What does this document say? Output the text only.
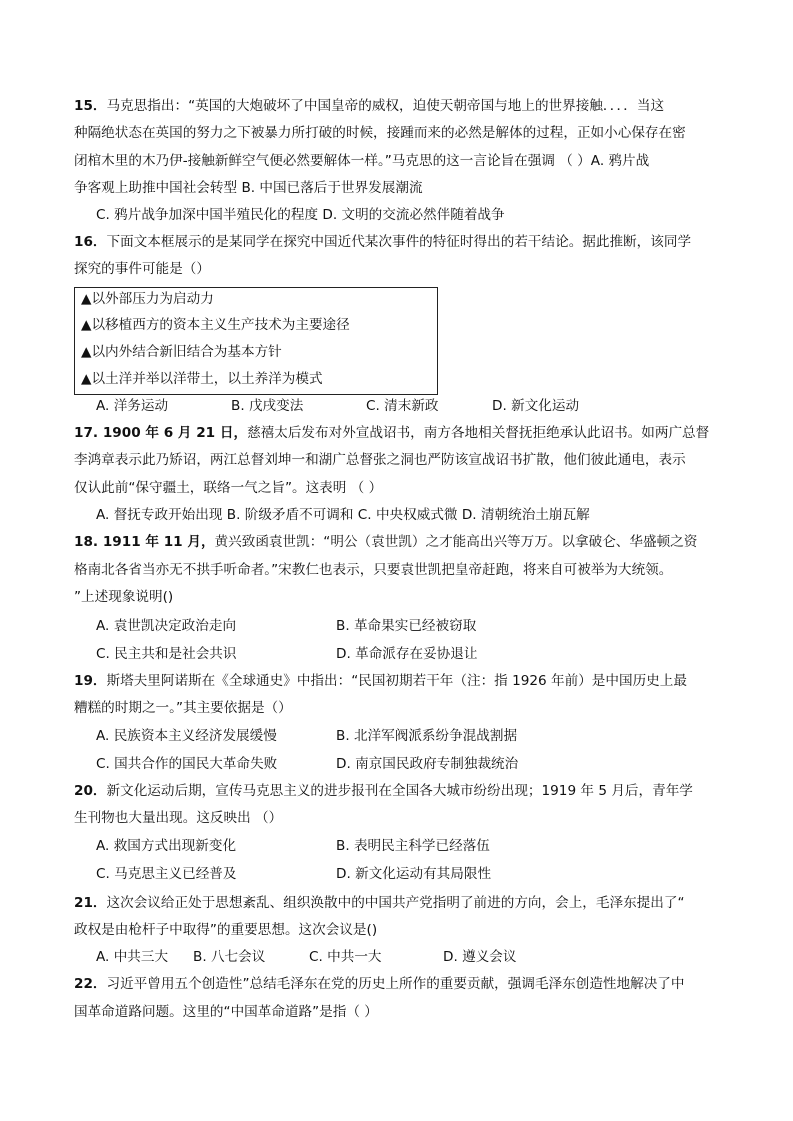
15．马克思指出：“英国的大炮破坏了中国皇帝的威权，迫使天朝帝国与地上的世界接触．．．．当这
种隔绝状态在英国的努力之下被暴力所打破的时候，接踵而来的必然是解体的过程，正如小心保存在密
闭棺木里的木乃伊-接触新鲜空气便必然要解体一样。”马克思的这一言论旨在强调 （ ）A. 鸦片战
争客观上助推中国社会转型 B. 中国已落后于世界发展潮流
C. 鸦片战争加深中国半殖民化的程度 D. 文明的交流必然伴随着战争
16．下面文本框展示的是某同学在探究中国近代某次事件的特征时得出的若干结论。据此推断，该同学
探究的事件可能是（）
▲以外部压力为启动力
▲以移植西方的资本主义生产技术为主要途径
▲以内外结合新旧结合为基本方针
▲以土洋并举以洋带土，以土养洋为模式
A. 洋务运动	B. 戊戌变法	C. 清末新政	D. 新文化运动
17. 1900 年 6 月 21 日，慈禧太后发布对外宣战诏书，南方各地相关督抚拒绝承认此诏书。如两广总督
李鸿章表示此乃矫诏，两江总督刘坤一和湖广总督张之洞也严防该宣战诏书扩散，他们彼此通电，表示
仅认此前“保守疆土，联络一气之旨”。这表明 （ ）
A. 督抚专政开始出现 B. 阶级矛盾不可调和 C. 中央权威式微 D. 清朝统治土崩瓦解
18. 1911 年 11 月，黄兴致函袁世凯：“明公（袁世凯）之才能高出兴等万万。以拿破仑、华盛顿之资
格南北各省当亦无不拱手听命者。”宋教仁也表示，只要袁世凯把皇帝赶跑，将来自可被举为大统领。
”上述现象说明()
A. 袁世凯决定政治走向	B. 革命果实已经被窃取
C. 民主共和是社会共识	D. 革命派存在妥协退让
19．斯塔夫里阿诺斯在《全球通史》中指出：“民国初期若干年（注：指 1926 年前）是中国历史上最
糟糕的时期之一。”其主要依据是（）
A. 民族资本主义经济发展缓慢	B. 北洋军阀派系纷争混战割据
C. 国共合作的国民大革命失败	D. 南京国民政府专制独裁统治
20．新文化运动后期，宣传马克思主义的进步报刊在全国各大城市纷纷出现；1919 年 5 月后，青年学
生刊物也大量出现。这反映出 （）
A. 救国方式出现新变化	B. 表明民主科学已经落伍
C. 马克思主义已经普及	D. 新文化运动有其局限性
21．这次会议给正处于思想紊乱、组织涣散中的中国共产党指明了前进的方向，会上，毛泽东提出了“
政权是由枪杆子中取得”的重要思想。这次会议是()
A. 中共三大 B. 八七会议	C. 中共一大	D. 遵义会议
22．习近平曾用五个创造性”总结毛泽东在党的历史上所作的重要贡献，强调毛泽东创造性地解决了中
国革命道路问题。这里的“中国革命道路”是指（ ）
